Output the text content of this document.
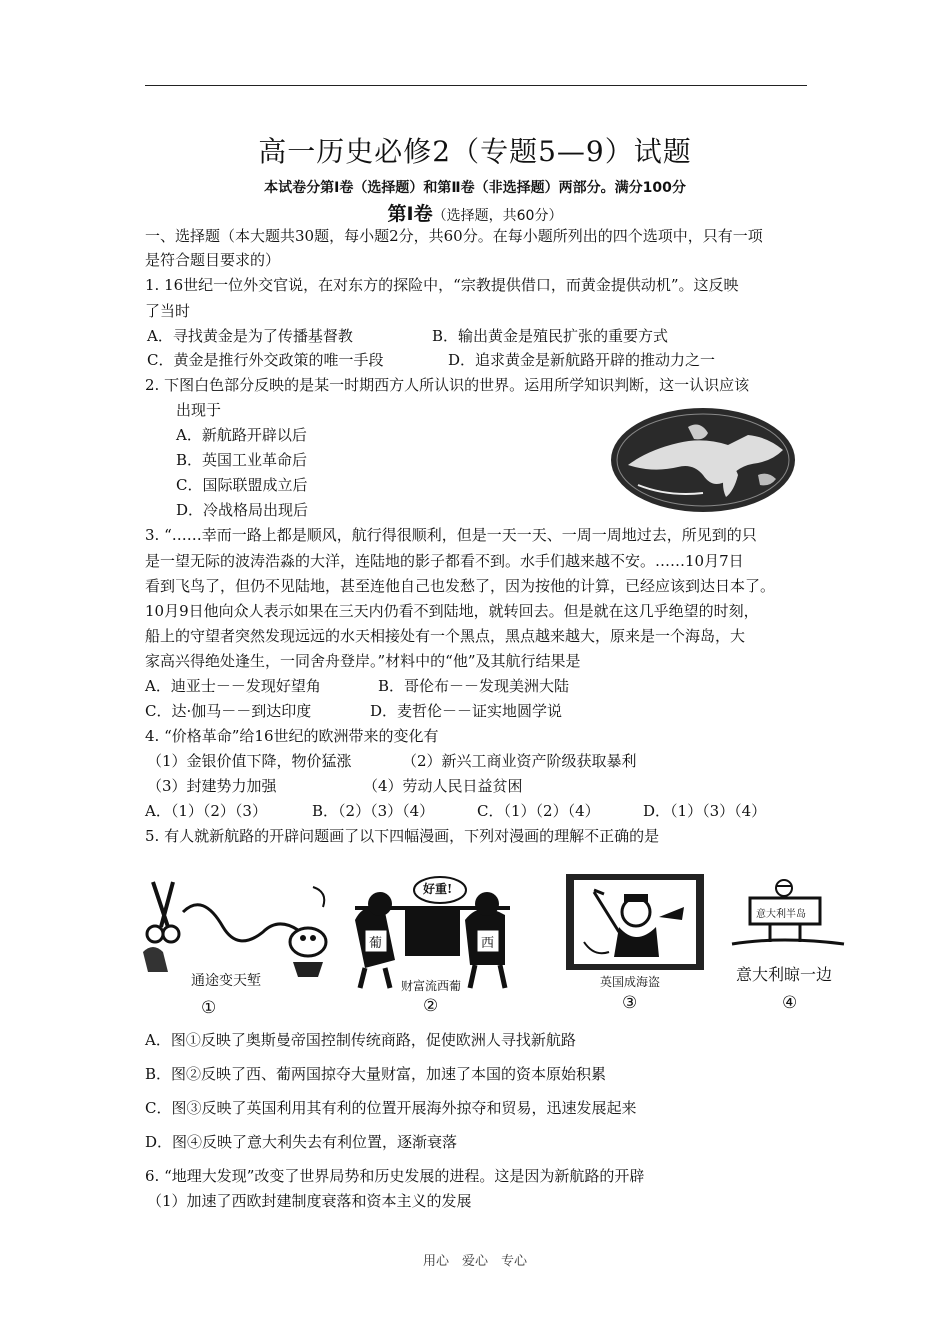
高一历史必修2（专题5—9）试题
本试卷分第Ⅰ卷（选择题）和第Ⅱ卷（非选择题）两部分。满分100分
第Ⅰ卷（选择题，共60分）
一、选择题（本大题共30题，每小题2分，共60分。在每小题所列出的四个选项中，只有一项
是符合题目要求的）
1. 16世纪一位外交官说，在对东方的探险中，“宗教提供借口，而黄金提供动机”。这反映
了当时
A．寻找黄金是为了传播基督教	B．输出黄金是殖民扩张的重要方式
C．黄金是推行外交政策的唯一手段	D．追求黄金是新航路开辟的推动力之一
2. 下图白色部分反映的是某一时期西方人所认识的世界。运用所学知识判断，这一认识应该
出现于
A．新航路开辟以后
B．英国工业革命后
C．国际联盟成立后
D．冷战格局出现后
3. “……幸而一路上都是顺风，航行得很顺利，但是一天一天、一周一周地过去，所见到的只
是一望无际的波涛浩淼的大洋，连陆地的影子都看不到。水手们越来越不安。……10月7日
看到飞鸟了，但仍不见陆地，甚至连他自己也发愁了，因为按他的计算，已经应该到达日本了。
10月9日他向众人表示如果在三天内仍看不到陆地，就转回去。但是就在这几乎绝望的时刻，
船上的守望者突然发现远远的水天相接处有一个黑点，黑点越来越大，原来是一个海岛，大
家高兴得绝处逢生，一同舍舟登岸。”材料中的“他”及其航行结果是
A．迪亚士－－发现好望角	B．哥伦布－－发现美洲大陆
C．达·伽马－－到达印度	D．麦哲伦－－证实地圆学说
4. “价格革命”给16世纪的欧洲带来的变化有
（1）金银价值下降，物价猛涨	（2）新兴工商业资产阶级获取暴利
（3）封建势力加强	（4）劳动人民日益贫困
A．（1）（2）（3）	B．（2）（3）（4）	C．（1）（2）（4）	D．（1）（3）（4）
5. 有人就新航路的开辟问题画了以下四幅漫画，下列对漫画的理解不正确的是
通途变天堑
①
好重!
葡	西
财富流西葡
②
英国成海盗
③
意大利半岛
意大利晾一边
④
A．图①反映了奥斯曼帝国控制传统商路，促使欧洲人寻找新航路
B．图②反映了西、葡两国掠夺大量财富，加速了本国的资本原始积累
C．图③反映了英国利用其有利的位置开展海外掠夺和贸易，迅速发展起来
D．图④反映了意大利失去有利位置，逐渐衰落
6. “地理大发现”改变了世界局势和历史发展的进程。这是因为新航路的开辟
（1）加速了西欧封建制度衰落和资本主义的发展
用心　爱心　专心
